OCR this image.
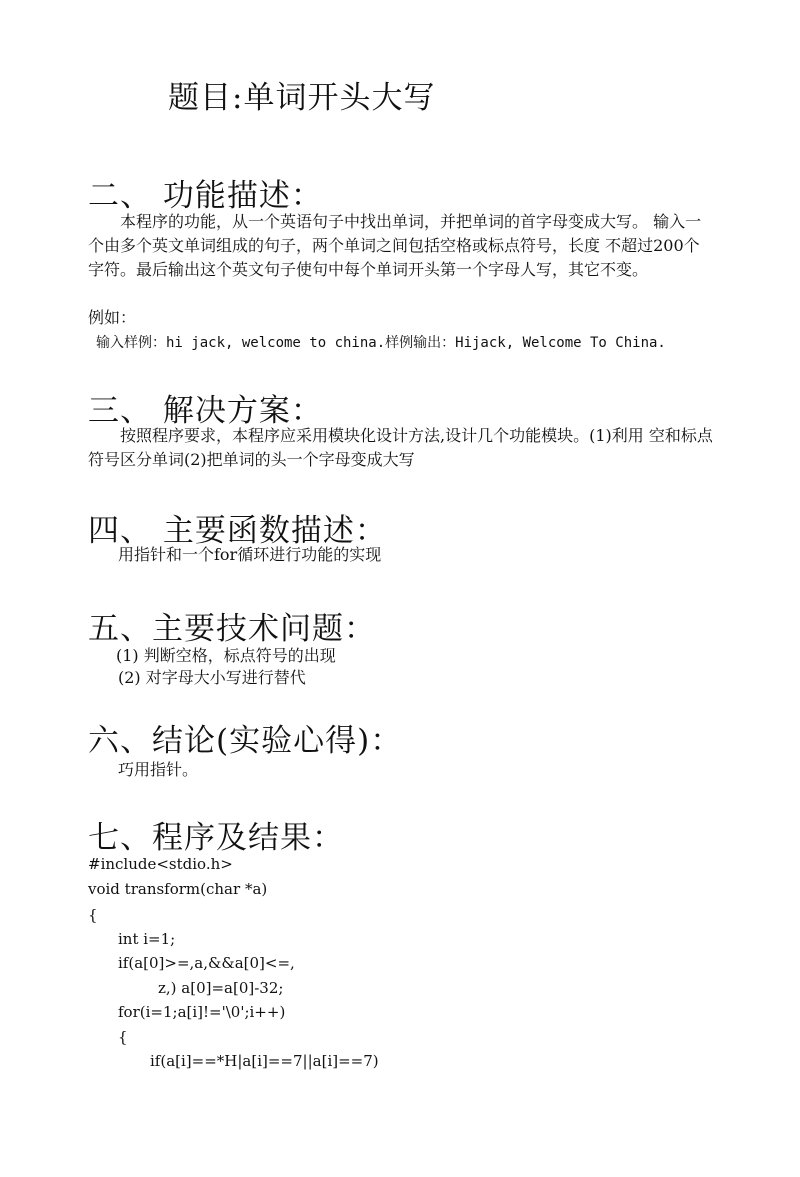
题目:单词开头大写
二、 功能描述：
本程序的功能，从一个英语句子中找出单词，并把单词的首字母变成大写。 输入一个由多个英文单词组成的句子，两个单词之间包括空格或标点符号，长度 不超过200个字符。最后输出这个英文句子使句中每个单词开头第一个字母人写，其它不变。
例如：
输入样例：hi jack, welcome to china.样例输出：Hijack, Welcome To China.
三、 解决方案：
按照程序要求，本程序应采用模块化设计方法,设计几个功能模块。(1)利用 空和标点符号区分单词(2)把单词的头一个字母变成大写
四、 主要函数描述：
用指针和一个for循环进行功能的实现
五、主要技术问题：
(1) 判断空格，标点符号的出现
(2) 对字母大小写进行替代
六、结论(实验心得)：
巧用指针。
七、程序及结果：
#include<stdio.h>
void transform(char *a)
{
int i=1;
if(a[0]>=,a,&&a[0]<=,
z,) a[0]=a[0]-32;
for(i=1;a[i]!='\0';i++)
{
if(a[i]==*H|a[i]==7||a[i]==7)
